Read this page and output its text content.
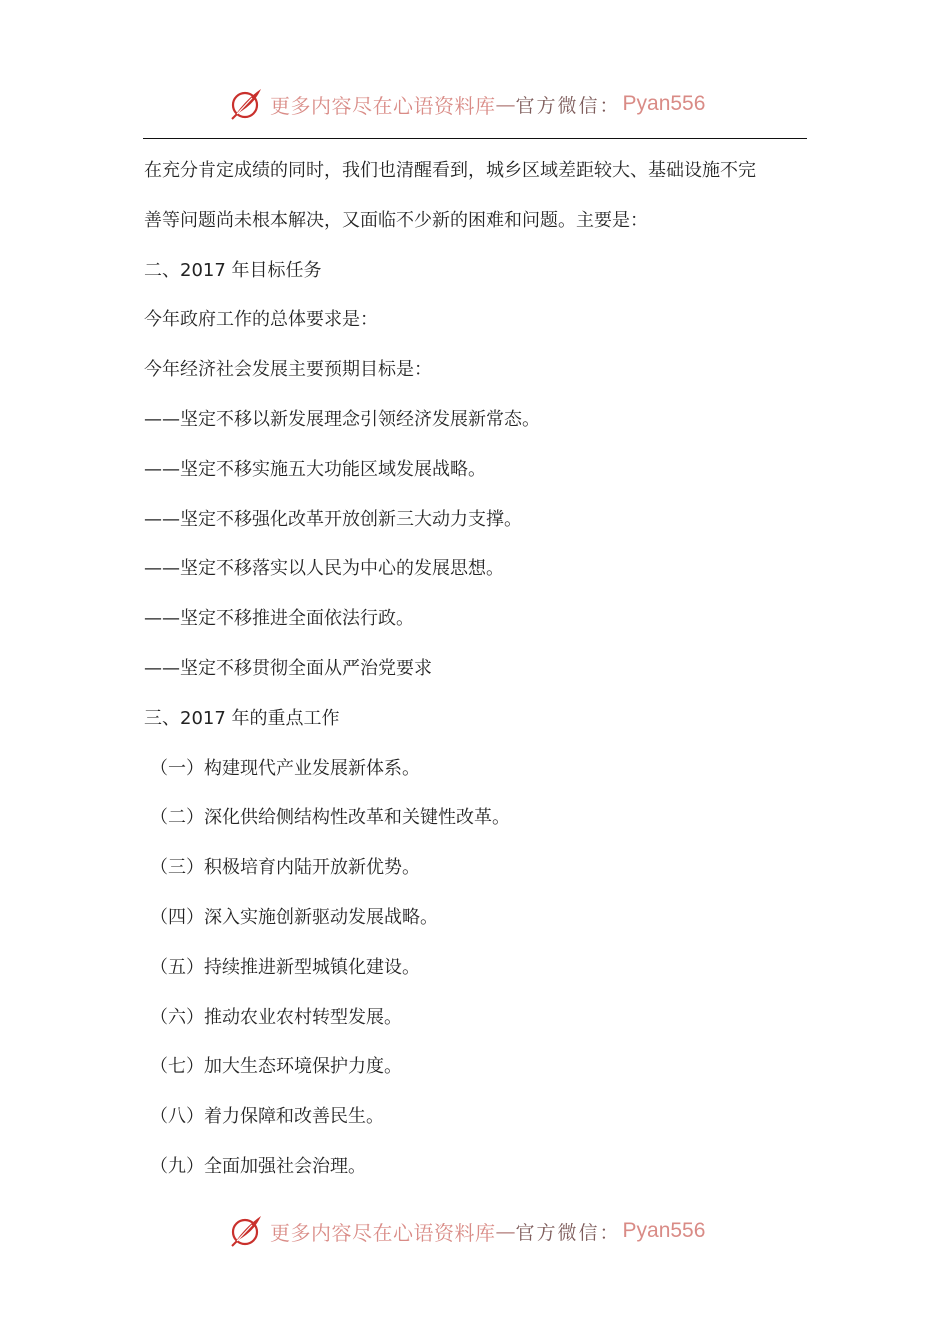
更多内容尽在心语资料库 — 官方微信： Pyan556
在充分肯定成绩的同时，我们也清醒看到，城乡区域差距较大、基础设施不完
善等问题尚未根本解决，又面临不少新的困难和问题。主要是：
二、2017 年目标任务
今年政府工作的总体要求是：
今年经济社会发展主要预期目标是：
——坚定不移以新发展理念引领经济发展新常态。
——坚定不移实施五大功能区域发展战略。
——坚定不移强化改革开放创新三大动力支撑。
——坚定不移落实以人民为中心的发展思想。
——坚定不移推进全面依法行政。
——坚定不移贯彻全面从严治党要求
三、2017 年的重点工作
（一）构建现代产业发展新体系。
（二）深化供给侧结构性改革和关键性改革。
（三）积极培育内陆开放新优势。
（四）深入实施创新驱动发展战略。
（五）持续推进新型城镇化建设。
（六）推动农业农村转型发展。
（七）加大生态环境保护力度。
（八）着力保障和改善民生。
（九）全面加强社会治理。
更多内容尽在心语资料库 — 官方微信： Pyan556
